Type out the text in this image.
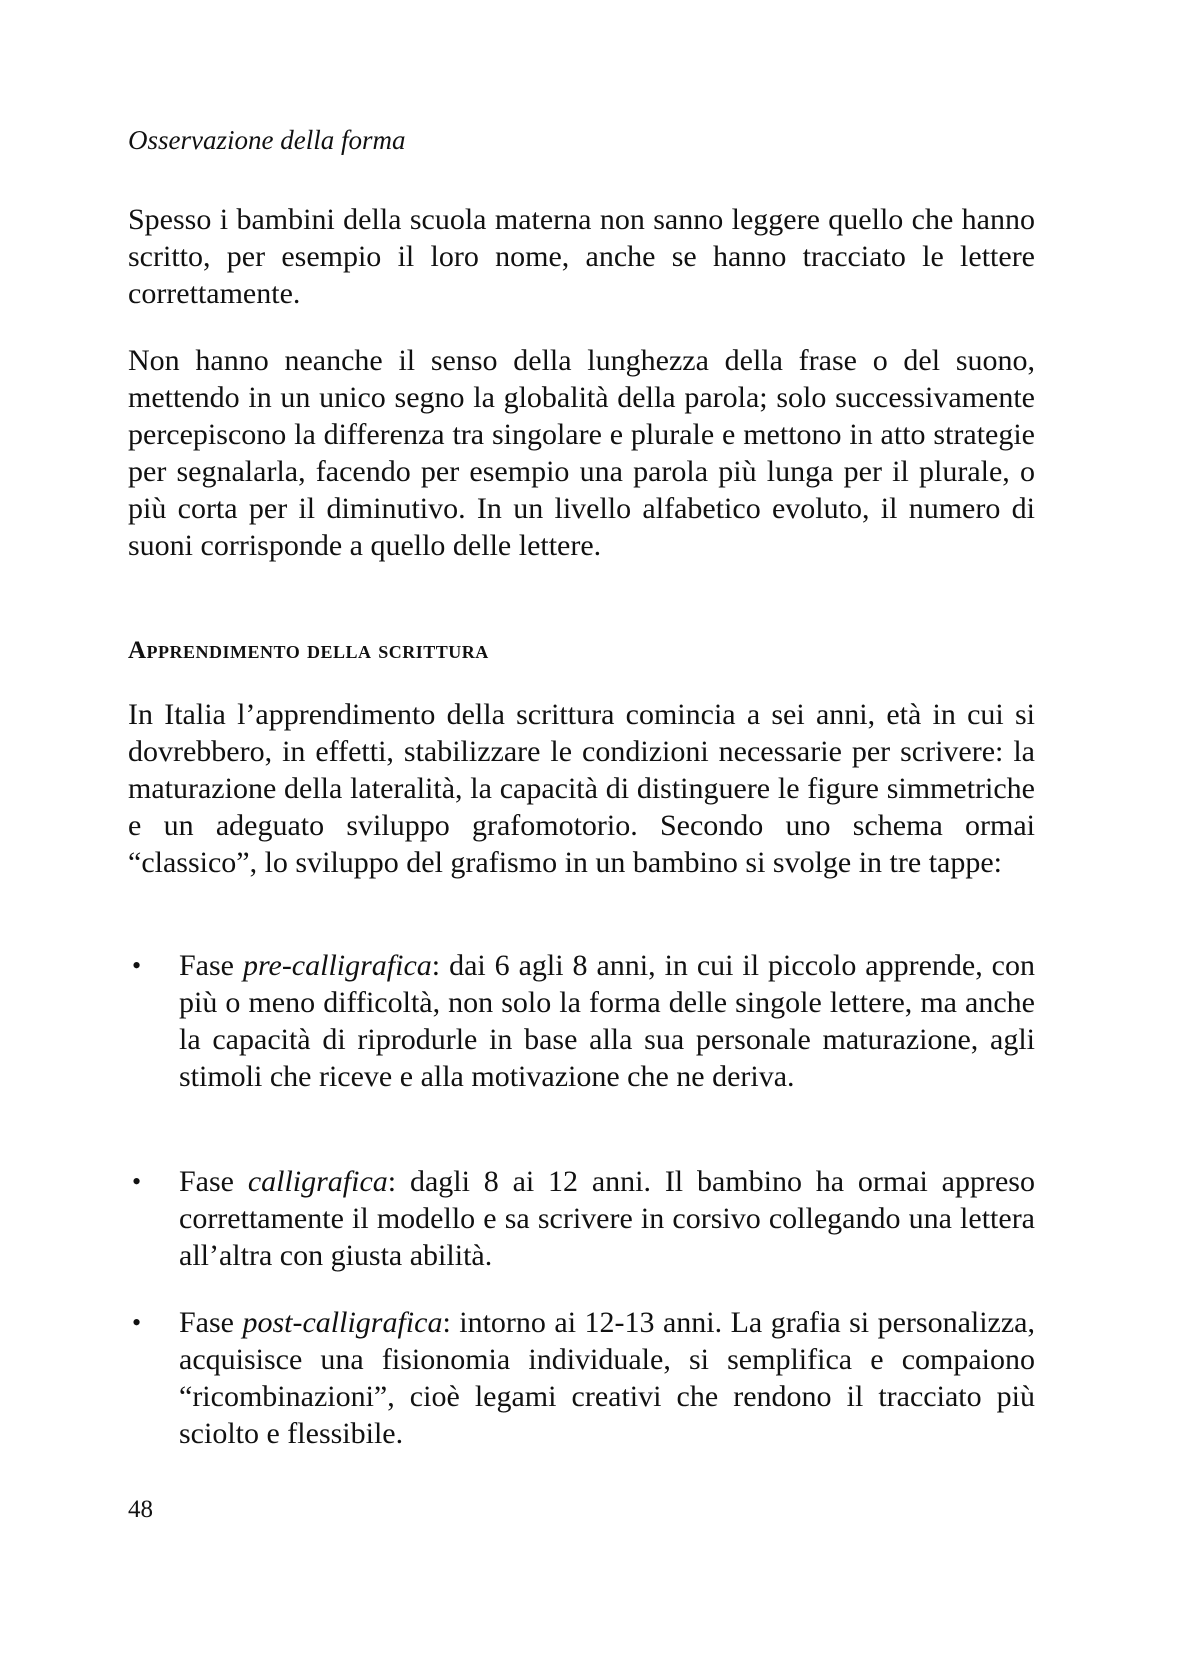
Osservazione della forma

Spesso i bambini della scuola materna non sanno leggere quello che hanno scritto, per esempio il loro nome, anche se hanno tracciato le lettere correttamente.

Non hanno neanche il senso della lunghezza della frase o del suono, mettendo in un unico segno la globalità della parola; solo successivamente percepiscono la differenza tra singolare e plurale e mettono in atto strategie per segnalarla, facendo per esempio una parola più lunga per il plurale, o più corta per il diminutivo. In un livello alfabetico evoluto, il numero di suoni corrisponde a quello delle lettere.

Apprendimento della scrittura

In Italia l’apprendimento della scrittura comincia a sei anni, età in cui si dovrebbero, in effetti, stabilizzare le condizioni necessarie per scrivere: la maturazione della lateralità, la capacità di distinguere le figure simmetriche e un adeguato sviluppo grafomotorio. Secondo uno schema ormai “classico”, lo sviluppo del grafismo in un bambino si svolge in tre tappe:

• Fase pre-calligrafica: dai 6 agli 8 anni, in cui il piccolo apprende, con più o meno difficoltà, non solo la forma delle singole lettere, ma anche la capacità di riprodurle in base alla sua personale maturazione, agli stimoli che riceve e alla motivazione che ne deriva.
• Fase calligrafica: dagli 8 ai 12 anni. Il bambino ha ormai appreso correttamente il modello e sa scrivere in corsivo collegando una lettera all’altra con giusta abilità.
• Fase post-calligrafica: intorno ai 12-13 anni. La grafia si personalizza, acquisisce una fisionomia individuale, si semplifica e compaiono “ricombinazioni”, cioè legami creativi che rendono il tracciato più sciolto e flessibile.
48
